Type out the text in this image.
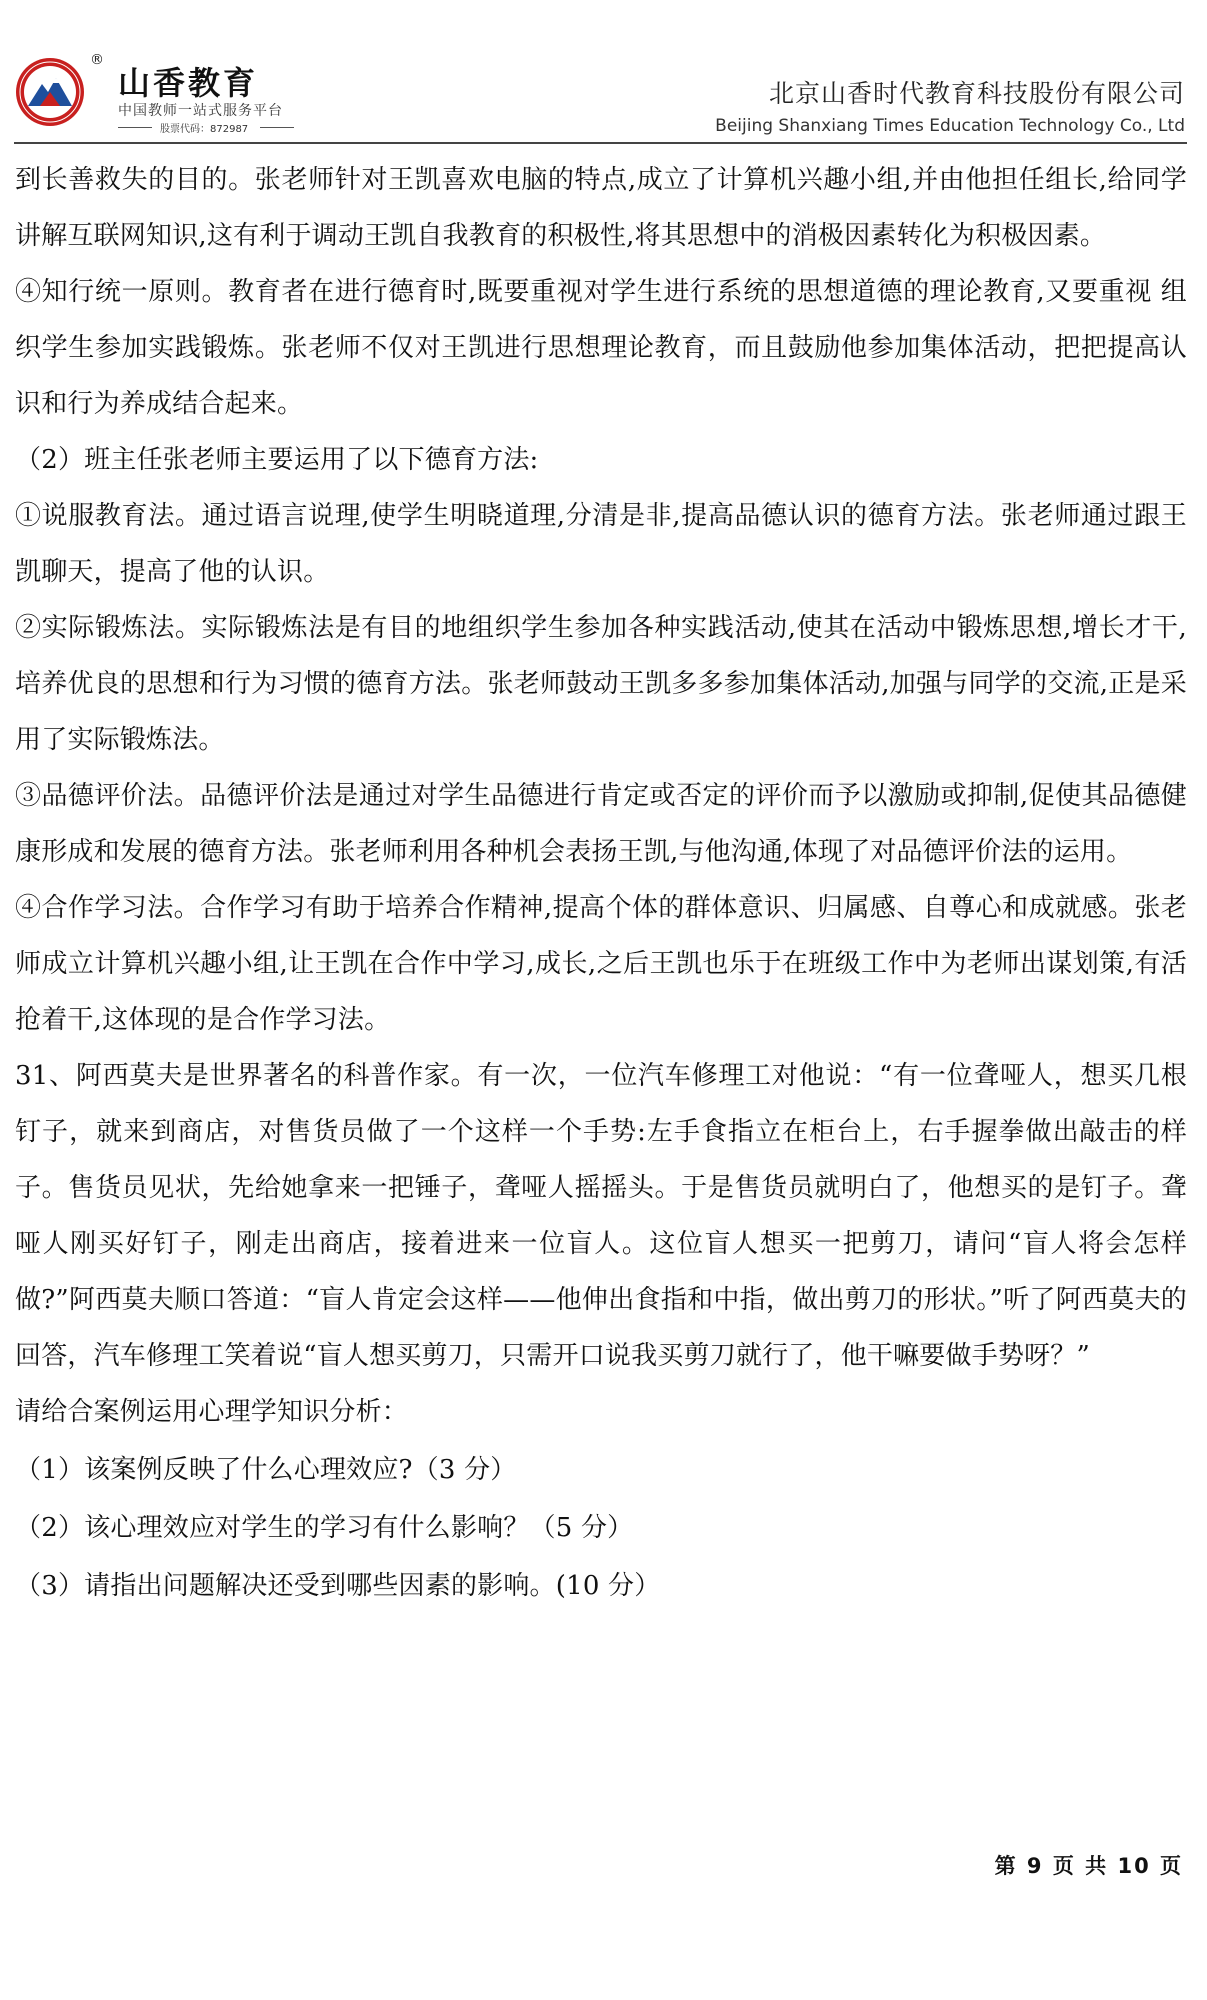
®
山香教育
中国教师一站式服务平台
股票代码：872987
北京山香时代教育科技股份有限公司
Beijing Shanxiang Times Education Technology Co., Ltd

到长善救失的目的。张老师针对王凯喜欢电脑的特点,成立了计算机兴趣小组,并由他担任组长,给同学讲解互联网知识,这有利于调动王凯自我教育的积极性,将其思想中的消极因素转化为积极因素。

④知行统一原则。教育者在进行德育时,既要重视对学生进行系统的思想道德的理论教育,又要重视 组织学生参加实践锻炼。张老师不仅对王凯进行思想理论教育，而且鼓励他参加集体活动，把把提高认识和行为养成结合起来。

（2）班主任张老师主要运用了以下德育方法:

①说服教育法。通过语言说理,使学生明晓道理,分清是非,提高品德认识的德育方法。张老师通过跟王凯聊天，提高了他的认识。

②实际锻炼法。实际锻炼法是有目的地组织学生参加各种实践活动,使其在活动中锻炼思想,增长才干,培养优良的思想和行为习惯的德育方法。张老师鼓动王凯多多参加集体活动,加强与同学的交流,正是采用了实际锻炼法。

③品德评价法。品德评价法是通过对学生品德进行肯定或否定的评价而予以激励或抑制,促使其品德健康形成和发展的德育方法。张老师利用各种机会表扬王凯,与他沟通,体现了对品德评价法的运用。

④合作学习法。合作学习有助于培养合作精神,提高个体的群体意识、归属感、自尊心和成就感。张老师成立计算机兴趣小组,让王凯在合作中学习,成长,之后王凯也乐于在班级工作中为老师出谋划策,有活抢着干,这体现的是合作学习法。

31、阿西莫夫是世界著名的科普作家。有一次，一位汽车修理工对他说：“有一位聋哑人，想买几根钉子，就来到商店，对售货员做了一个这样一个手势:左手食指立在柜台上，右手握拳做出敲击的样子。售货员见状，先给她拿来一把锤子，聋哑人摇摇头。于是售货员就明白了，他想买的是钉子。聋哑人刚买好钉子，刚走出商店，接着进来一位盲人。这位盲人想买一把剪刀，请问“盲人将会怎样做?”阿西莫夫顺口答道：“盲人肯定会这样——他伸出食指和中指，做出剪刀的形状。”听了阿西莫夫的回答，汽车修理工笑着说“盲人想买剪刀，只需开口说我买剪刀就行了，他干嘛要做手势呀？”

请给合案例运用心理学知识分析：

（1）该案例反映了什么心理效应?（3 分）

（2）该心理效应对学生的学习有什么影响？（5 分）

（3）请指出问题解决还受到哪些因素的影响。(10 分）

第 9 页 共 10 页
